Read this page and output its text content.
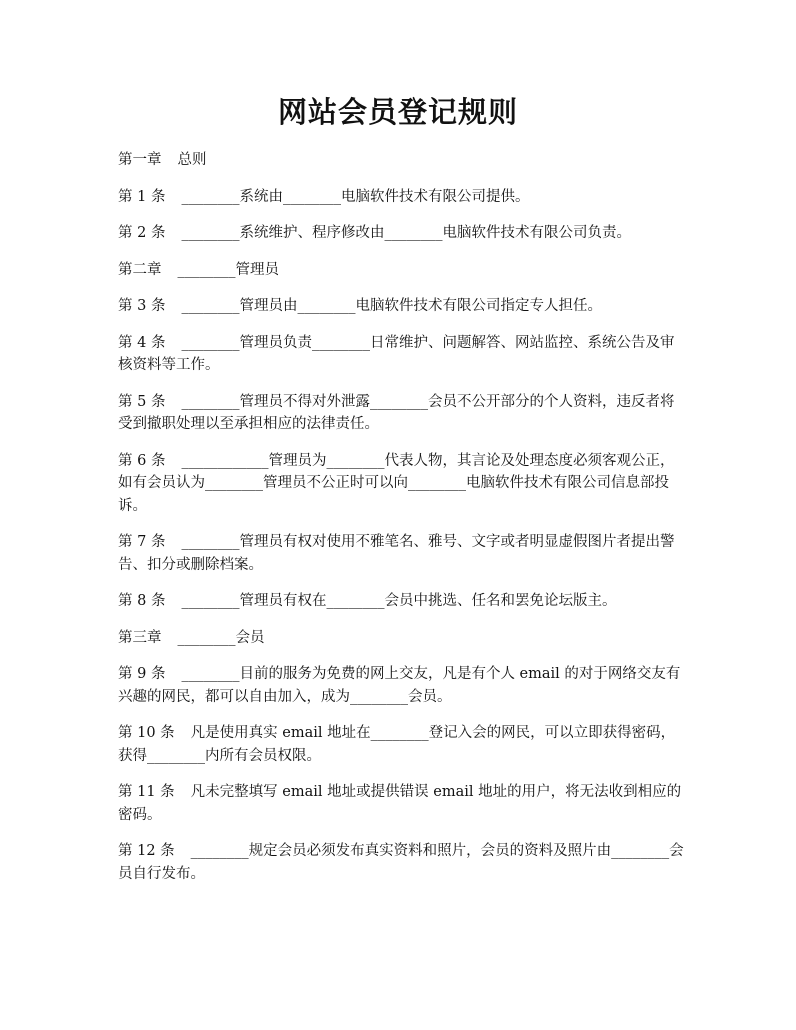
网站会员登记规则

第一章 总则

第 1 条 ________系统由________电脑软件技术有限公司提供。

第 2 条 ________系统维护、程序修改由________电脑软件技术有限公司负责。

第二章 ________管理员

第 3 条 ________管理员由________电脑软件技术有限公司指定专人担任。

第 4 条 ________管理员负责________日常维护、问题解答、网站监控、系统公告及审核资料等工作。

第 5 条 ________管理员不得对外泄露________会员不公开部分的个人资料，违反者将受到撤职处理以至承担相应的法律责任。

第 6 条 ____________管理员为________代表人物，其言论及处理态度必须客观公正，如有会员认为________管理员不公正时可以向________电脑软件技术有限公司信息部投诉。

第 7 条 ________管理员有权对使用不雅笔名、雅号、文字或者明显虚假图片者提出警告、扣分或删除档案。

第 8 条 ________管理员有权在________会员中挑选、任名和罢免论坛版主。

第三章 ________会员

第 9 条 ________目前的服务为免费的网上交友，凡是有个人 email 的对于网络交友有兴趣的网民，都可以自由加入，成为________会员。

第 10 条 凡是使用真实 email 地址在________登记入会的网民，可以立即获得密码，获得________内所有会员权限。

第 11 条 凡未完整填写 email 地址或提供错误 email 地址的用户，将无法收到相应的密码。

第 12 条 ________规定会员必须发布真实资料和照片，会员的资料及照片由________会员自行发布。
